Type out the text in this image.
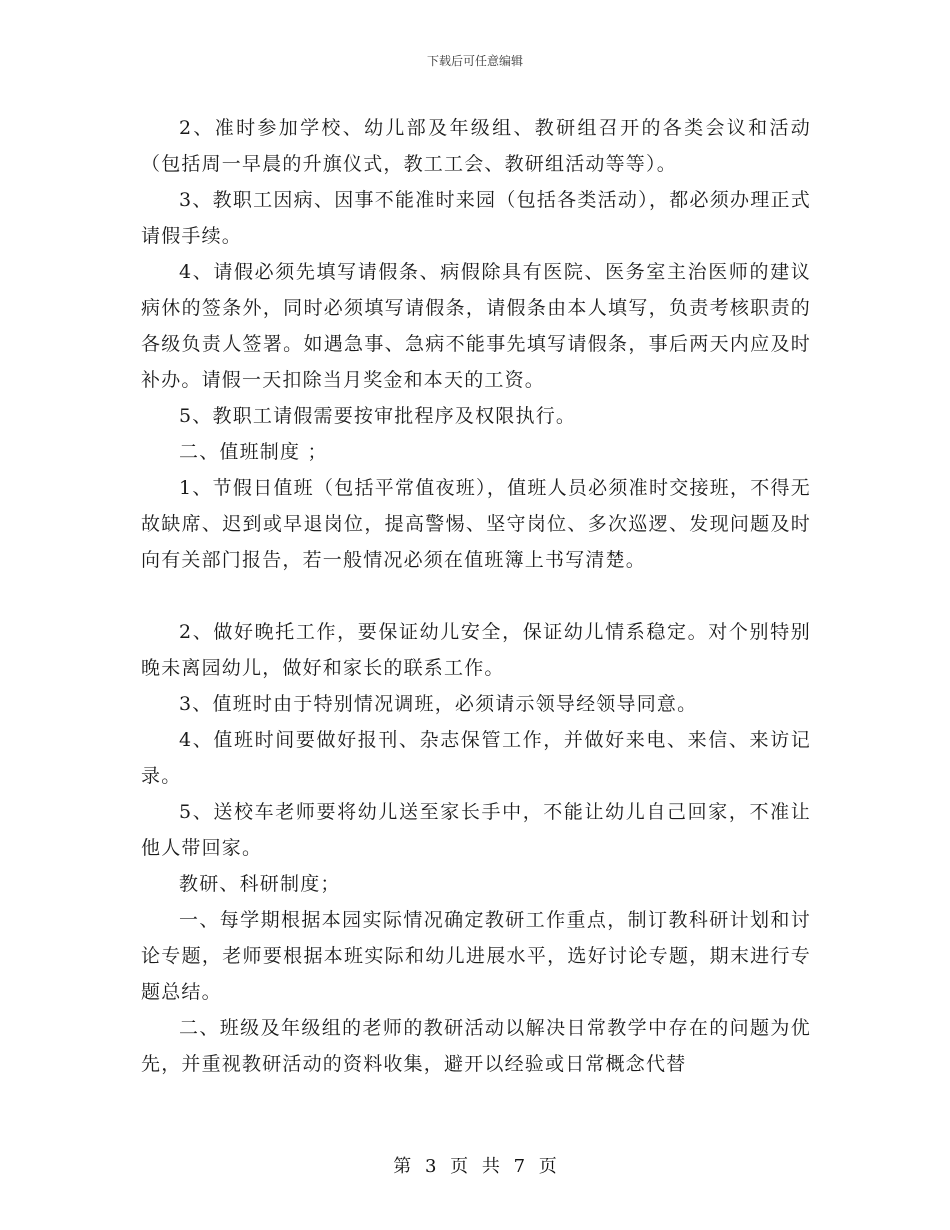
下载后可任意编辑

2、准时参加学校、幼儿部及年级组、教研组召开的各类会议和活动（包括周一早晨的升旗仪式，教工工会、教研组活动等等）。

3、教职工因病、因事不能准时来园（包括各类活动），都必须办理正式请假手续。

4、请假必须先填写请假条、病假除具有医院、医务室主治医师的建议病休的签条外，同时必须填写请假条，请假条由本人填写，负责考核职责的各级负责人签署。如遇急事、急病不能事先填写请假条，事后两天内应及时补办。请假一天扣除当月奖金和本天的工资。

5、教职工请假需要按审批程序及权限执行。

二、值班制度 ；

1、节假日值班（包括平常值夜班），值班人员必须准时交接班，不得无故缺席、迟到或早退岗位，提高警惕、坚守岗位、多次巡逻、发现问题及时向有关部门报告，若一般情况必须在值班簿上书写清楚。

2、做好晚托工作，要保证幼儿安全，保证幼儿情系稳定。对个别特别晚未离园幼儿，做好和家长的联系工作。

3、值班时由于特别情况调班，必须请示领导经领导同意。

4、值班时间要做好报刊、杂志保管工作，并做好来电、来信、来访记录。

5、送校车老师要将幼儿送至家长手中，不能让幼儿自己回家，不准让他人带回家。

教研、科研制度；

一、每学期根据本园实际情况确定教研工作重点，制订教科研计划和讨论专题，老师要根据本班实际和幼儿进展水平，选好讨论专题，期末进行专题总结。

二、班级及年级组的老师的教研活动以解决日常教学中存在的问题为优先，并重视教研活动的资料收集，避开以经验或日常概念代替

第 3 页 共 7 页
